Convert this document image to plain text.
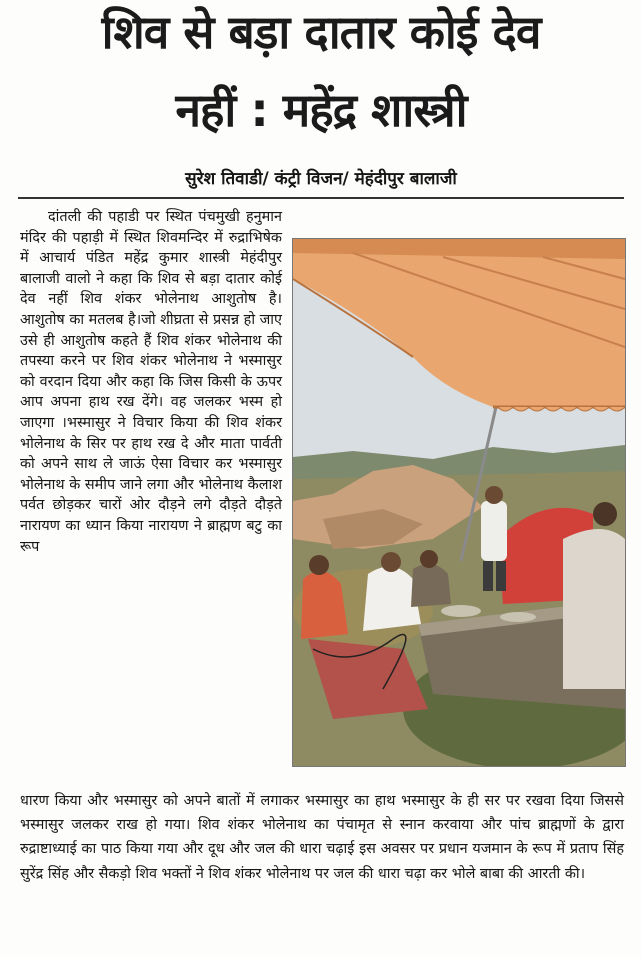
शिव से बड़ा दातार कोई देव
नहीं : महेंद्र शास्त्री
सुरेश तिवाडी/ कंट्री विजन/ मेहंदीपुर बालाजी
दांतली की पहाडी पर स्थित पंचमुखी हनुमान मंदिर की पहाड़ी में स्थित शिवमन्दिर में रुद्राभिषेक में आचार्य पंडित महेंद्र कुमार शास्त्री मेहंदीपुर बालाजी वालो ने कहा कि शिव से बड़ा दातार कोई देव नहीं शिव शंकर भोलेनाथ आशुतोष है। आशुतोष का मतलब है।जो शीघ्रता से प्रसन्न हो जाए उसे ही आशुतोष कहते हैं शिव शंकर भोलेनाथ की तपस्या करने पर शिव शंकर भोलेनाथ ने भस्मासुर को वरदान दिया और कहा कि जिस किसी के ऊपर आप अपना हाथ रख देंगे। वह जलकर भस्म हो जाएगा ।भस्मासुर ने विचार किया की शिव शंकर भोलेनाथ के सिर पर हाथ रख दे और माता पार्वती को अपने साथ ले जाऊं ऐसा विचार कर भस्मासुर भोलेनाथ के समीप जाने लगा और भोलेनाथ कैलाश पर्वत छोड़कर चारों ओर दौड़ने लगे दौड़ते दौड़ते नारायण का ध्यान किया नारायण ने ब्राह्मण बटु का रूप
धारण किया और भस्मासुर को अपने बातों में लगाकर भस्मासुर का हाथ भस्मासुर के ही सर पर रखवा दिया जिससे भस्मासुर जलकर राख हो गया। शिव शंकर भोलेनाथ का पंचामृत से स्नान करवाया और पांच ब्राह्मणों के द्वारा रुद्राष्टाध्याई का पाठ किया गया और दूध और जल की धारा चढ़ाई इस अवसर पर प्रधान यजमान के रूप में प्रताप सिंह सुरेंद्र सिंह और सैकड़ो शिव भक्तों ने शिव शंकर भोलेनाथ पर जल की धारा चढ़ा कर भोले बाबा की आरती की।
